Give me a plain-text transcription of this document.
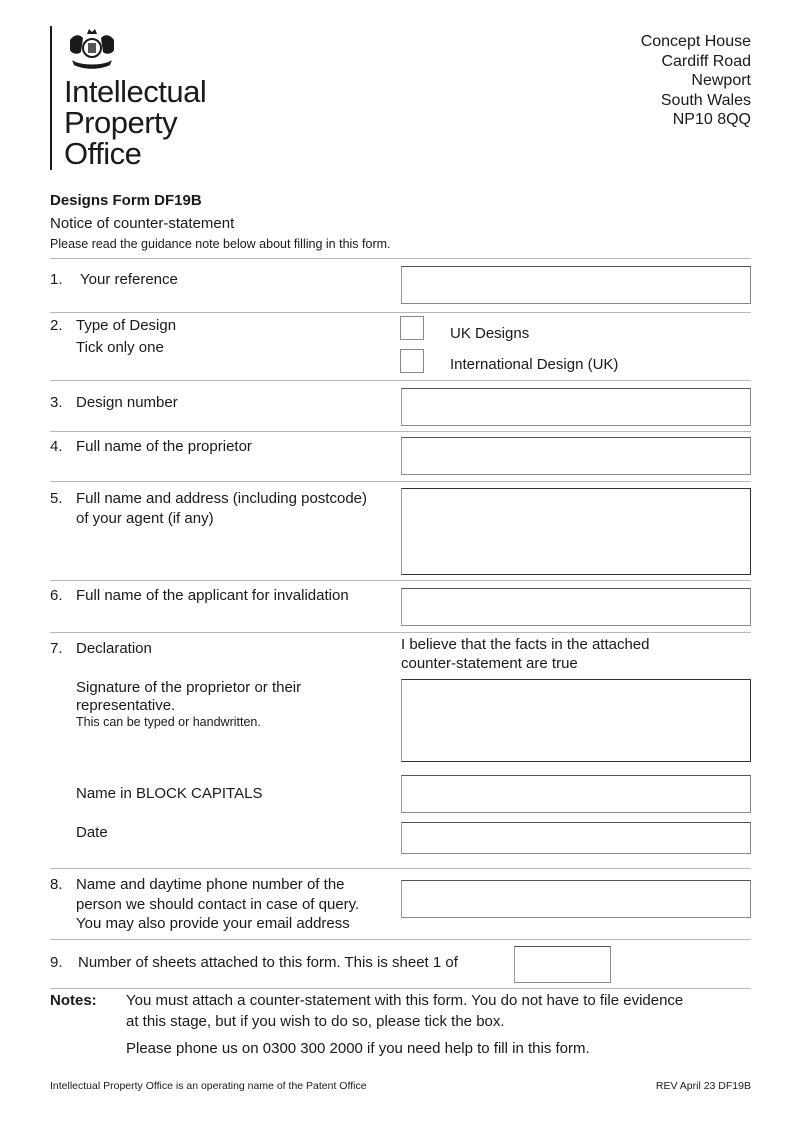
Intellectual
Property
Office
Concept House
Cardiff Road
Newport
South Wales
NP10 8QQ
Designs Form DF19B
Notice of counter-statement
Please read the guidance note below about filling in this form.
1. Your reference
2. Type of Design
Tick only one
UK Designs
International Design (UK)
3. Design number
4. Full name of the proprietor
5. Full name and address (including postcode)
of your agent (if any)
6. Full name of the applicant for invalidation
7. Declaration	I believe that the facts in the attached
counter-statement are true
Signature of the proprietor or their
representative.
This can be typed or handwritten.
Name in BLOCK CAPITALS
Date
8. Name and daytime phone number of the
person we should contact in case of query.
You may also provide your email address
9. Number of sheets attached to this form. This is sheet 1 of
Notes: You must attach a counter-statement with this form. You do not have to file evidence
at this stage, but if you wish to do so, please tick the box.
Please phone us on 0300 300 2000 if you need help to fill in this form.
Intellectual Property Office is an operating name of the Patent Office	REV April 23 DF19B
